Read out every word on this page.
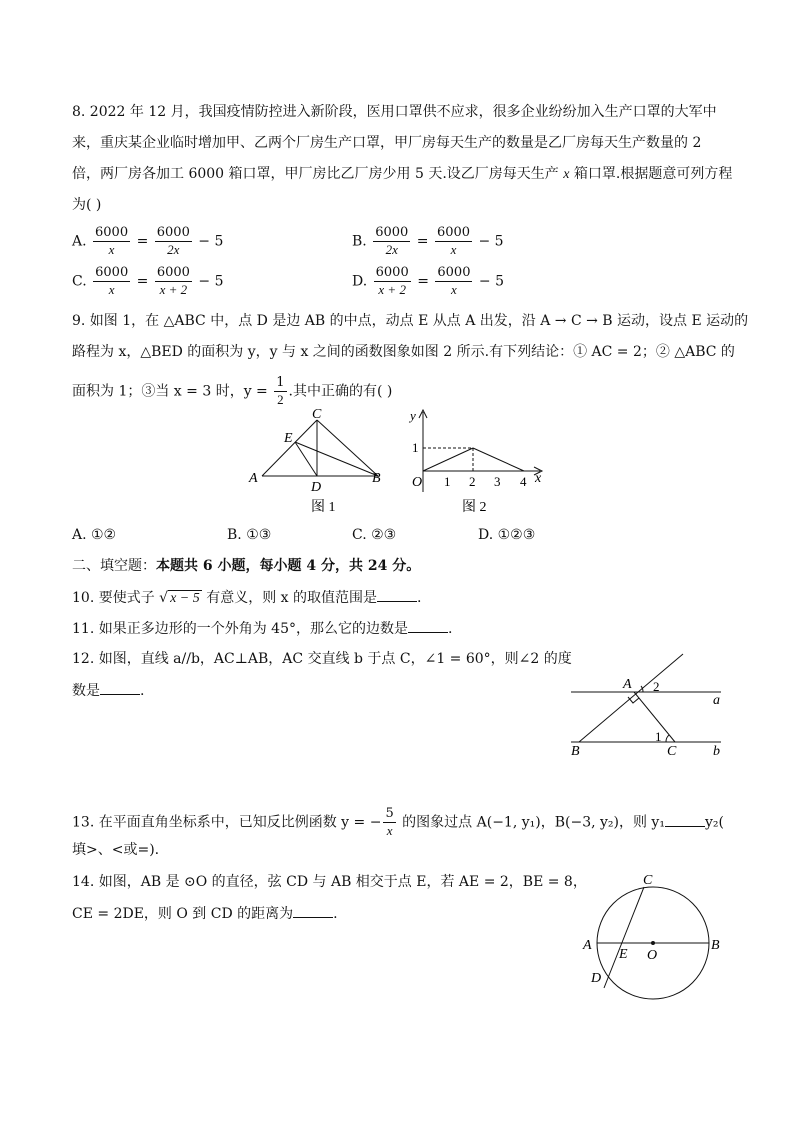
8. 2022 年 12 月，我国疫情防控进入新阶段，医用口罩供不应求，很多企业纷纷加入生产口罩的大军中
来，重庆某企业临时增加甲、乙两个厂房生产口罩，甲厂房每天生产的数量是乙厂房每天生产数量的 2
倍，两厂房各加工 6000 箱口罩，甲厂房比乙厂房少用 5 天.设乙厂房每天生产 x 箱口罩.根据题意可列方程
为( )
A. $\frac{6000}{x} = \frac{6000}{2x} - 5$	B. $\frac{6000}{2x} = \frac{6000}{x} - 5$
C. $\frac{6000}{x} = \frac{6000}{x + 2} - 5$	D. $\frac{6000}{x + 2} = \frac{6000}{x} - 5$
9. 如图 1，在 △ABC 中，点 D 是边 AB 的中点，动点 E 从点 A 出发，沿 A → C → B 运动，设点 E 运动的
路程为 x，△BED 的面积为 y，y 与 x 之间的函数图象如图 2 所示.有下列结论：① AC = 2；② △ABC 的
面积为 1；③当 x = 3 时，$y = \frac{1}{2}$ .其中正确的有( )
C
E
A	B
D
图 1
y
1
O 1 2 3 4 x
图 2
A. ①②	B. ①③	C. ②③	D. ①②③
二、填空题：本题共 6 小题，每小题 4 分，共 24 分。
10. 要使式子 √ x − 5 有意义，则 x 的取值范围是	.
11. 如果正多边形的一个外角为 45°，那么它的边数是	.
12. 如图，直线 a//b，AC⊥AB，AC 交直线 b 于点 C，∠1 = 60°，则∠2 的度
数是	.	A 2
a
1
B	C	b
13. 在平面直角坐标系中，已知反比例函数 y = − $\frac{5}{x}$ 的图象过点 A(−1, y₁)，B(−3, y₂)，则 y₁	y₂(
填>、<或=).
14. 如图，AB 是 ⊙O 的直径，弦 CD 与 AB 相交于点 E，若 AE = 2，BE = 8，
CE = 2DE，则 O 到 CD 的距离为	.
C
A
E O
B
D
